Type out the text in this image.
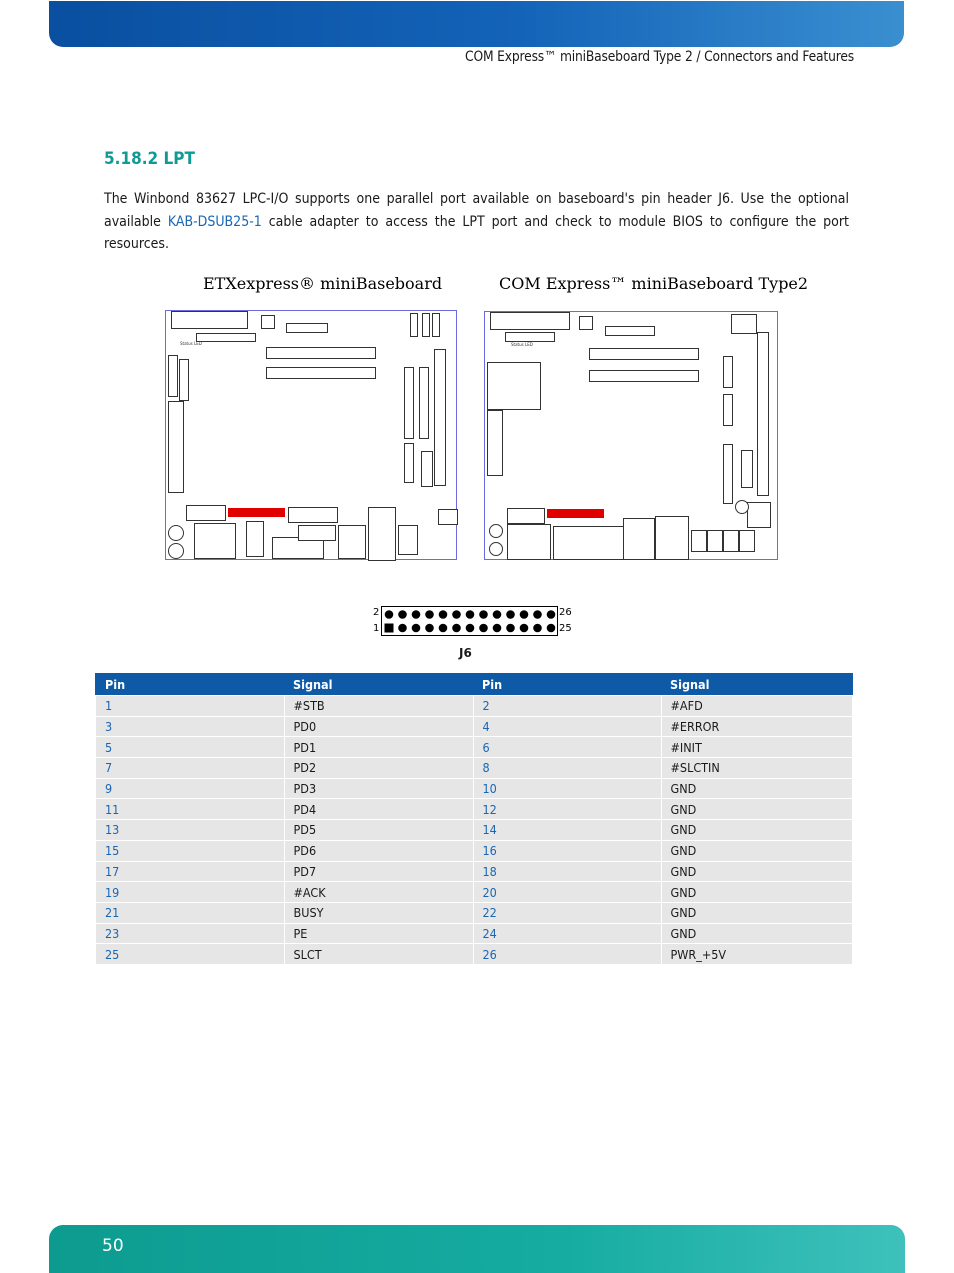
COM Express™ miniBaseboard Type 2 / Connectors and Features
5.18.2 LPT
The Winbond 83627 LPC-I/O supports one parallel port available on baseboard's pin header J6. Use the optional available KAB-DSUB25-1 cable adapter to access the LPT port and check to module BIOS to configure the port resources.
ETXexpress® miniBaseboard
Status LED
COM Express™ miniBaseboard Type2
Status LED
2
1
26
25
J6
Pin	Signal	Pin	Signal
1	#STB	2	#AFD
3	PD0	4	#ERROR
5	PD1	6	#INIT
7	PD2	8	#SLCTIN
9	PD3	10	GND
11	PD4	12	GND
13	PD5	14	GND
15	PD6	16	GND
17	PD7	18	GND
19	#ACK	20	GND
21	BUSY	22	GND
23	PE	24	GND
25	SLCT	26	PWR_+5V
50
